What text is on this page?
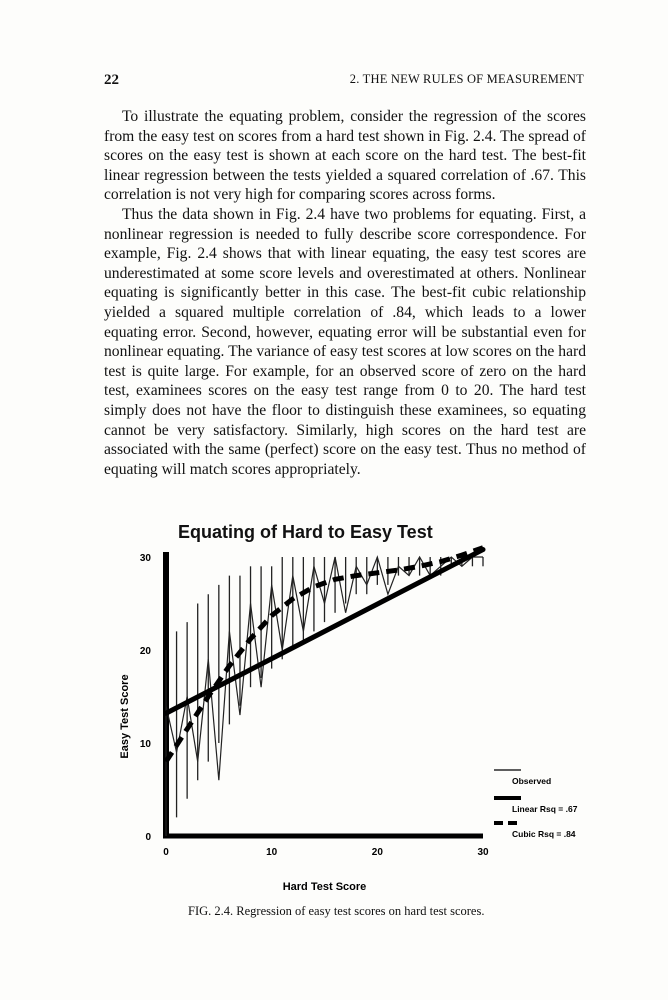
22	2. THE NEW RULES OF MEASUREMENT

To illustrate the equating problem, consider the regression of the scores from the easy test on scores from a hard test shown in Fig. 2.4. The spread of scores on the easy test is shown at each score on the hard test. The best-fit linear regression between the tests yielded a squared correlation of .67. This correlation is not very high for comparing scores across forms.

Thus the data shown in Fig. 2.4 have two problems for equating. First, a nonlinear regression is needed to fully describe score correspondence. For example, Fig. 2.4 shows that with linear equating, the easy test scores are underestimated at some score levels and overestimated at others. Nonlinear equating is significantly better in this case. The best-fit cubic relationship yielded a squared multiple correlation of .84, which leads to a lower equating error. Second, however, equating error will be substantial even for nonlinear equating. The variance of easy test scores at low scores on the hard test is quite large. For example, for an observed score of zero on the hard test, examinees scores on the easy test range from 0 to 20. The hard test simply does not have the floor to distinguish these examinees, so equating cannot be very satisfactory. Similarly, high scores on the hard test are associated with the same (perfect) score on the easy test. Thus no method of equating will match scores appropriately.

Equating of Hard to Easy Test
0	10	20	30
0
10
20
30
Hard Test Score
Easy Test Score
Observed
Linear Rsq = .67
Cubic Rsq = .84
FIG. 2.4. Regression of easy test scores on hard test scores.
